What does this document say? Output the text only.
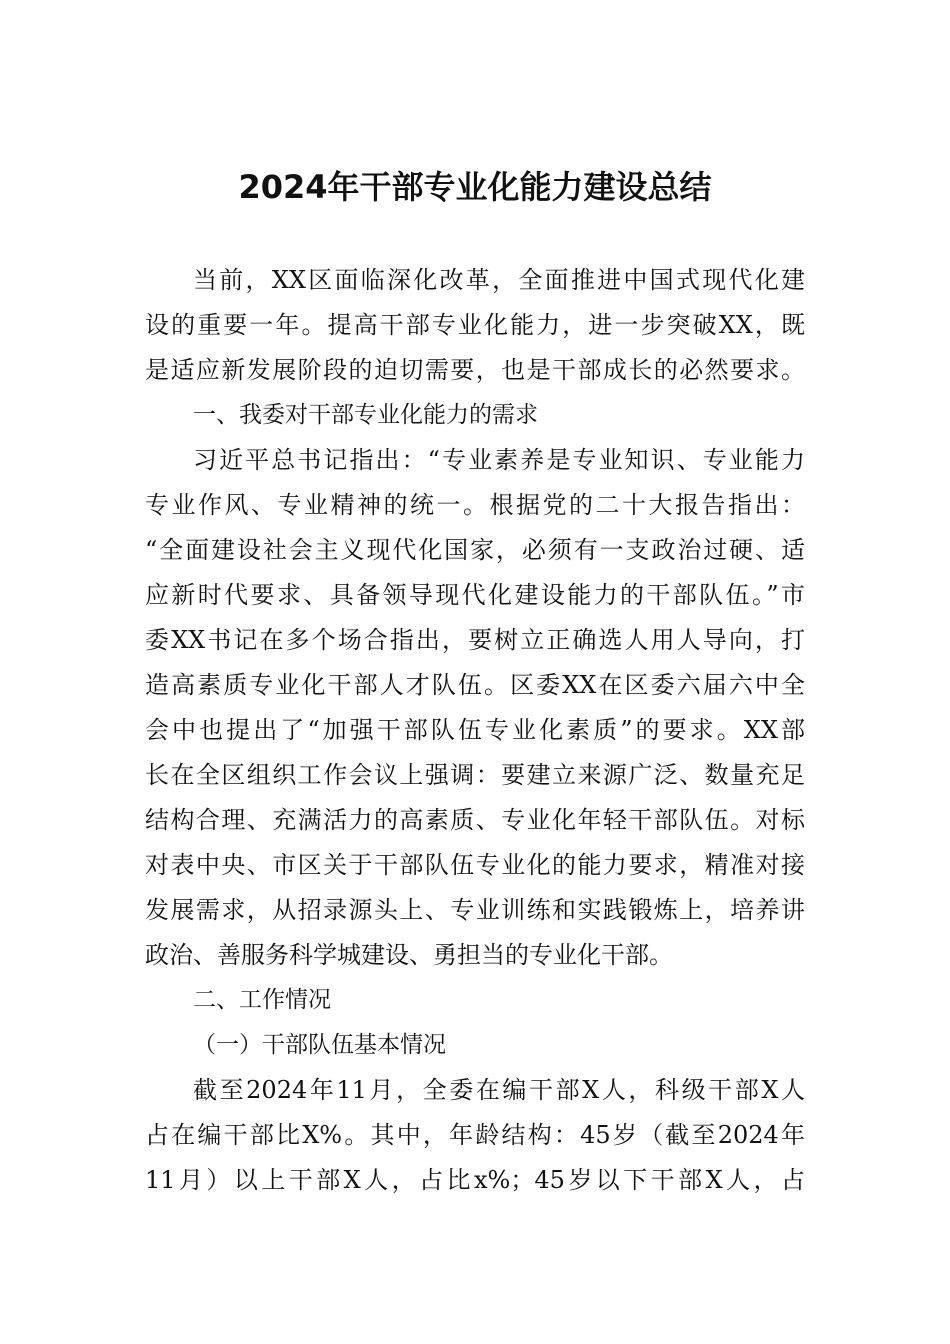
2024年干部专业化能力建设总结
当前，XX区面临深化改革，全面推进中国式现代化建
设的重要一年。提高干部专业化能力，进一步突破XX，既
是适应新发展阶段的迫切需要，也是干部成长的必然要求。
一、我委对干部专业化能力的需求
习近平总书记指出：“专业素养是专业知识、专业能力
专业作风、专业精神的统一。根据党的二十大报告指出：
“全面建设社会主义现代化国家，必须有一支政治过硬、适
应新时代要求、具备领导现代化建设能力的干部队伍。”市
委XX书记在多个场合指出，要树立正确选人用人导向，打
造高素质专业化干部人才队伍。区委XX在区委六届六中全
会中也提出了“加强干部队伍专业化素质”的要求。XX部
长在全区组织工作会议上强调：要建立来源广泛、数量充足
结构合理、充满活力的高素质、专业化年轻干部队伍。对标
对表中央、市区关于干部队伍专业化的能力要求，精准对接
发展需求，从招录源头上、专业训练和实践锻炼上，培养讲
政治、善服务科学城建设、勇担当的专业化干部。
二、工作情况
（一）干部队伍基本情况
截至2024年11月，全委在编干部X人，科级干部X人
占在编干部比X%。其中，年龄结构：45岁（截至2024年
11月）以上干部X人，占比x%；45岁以下干部X人，占
